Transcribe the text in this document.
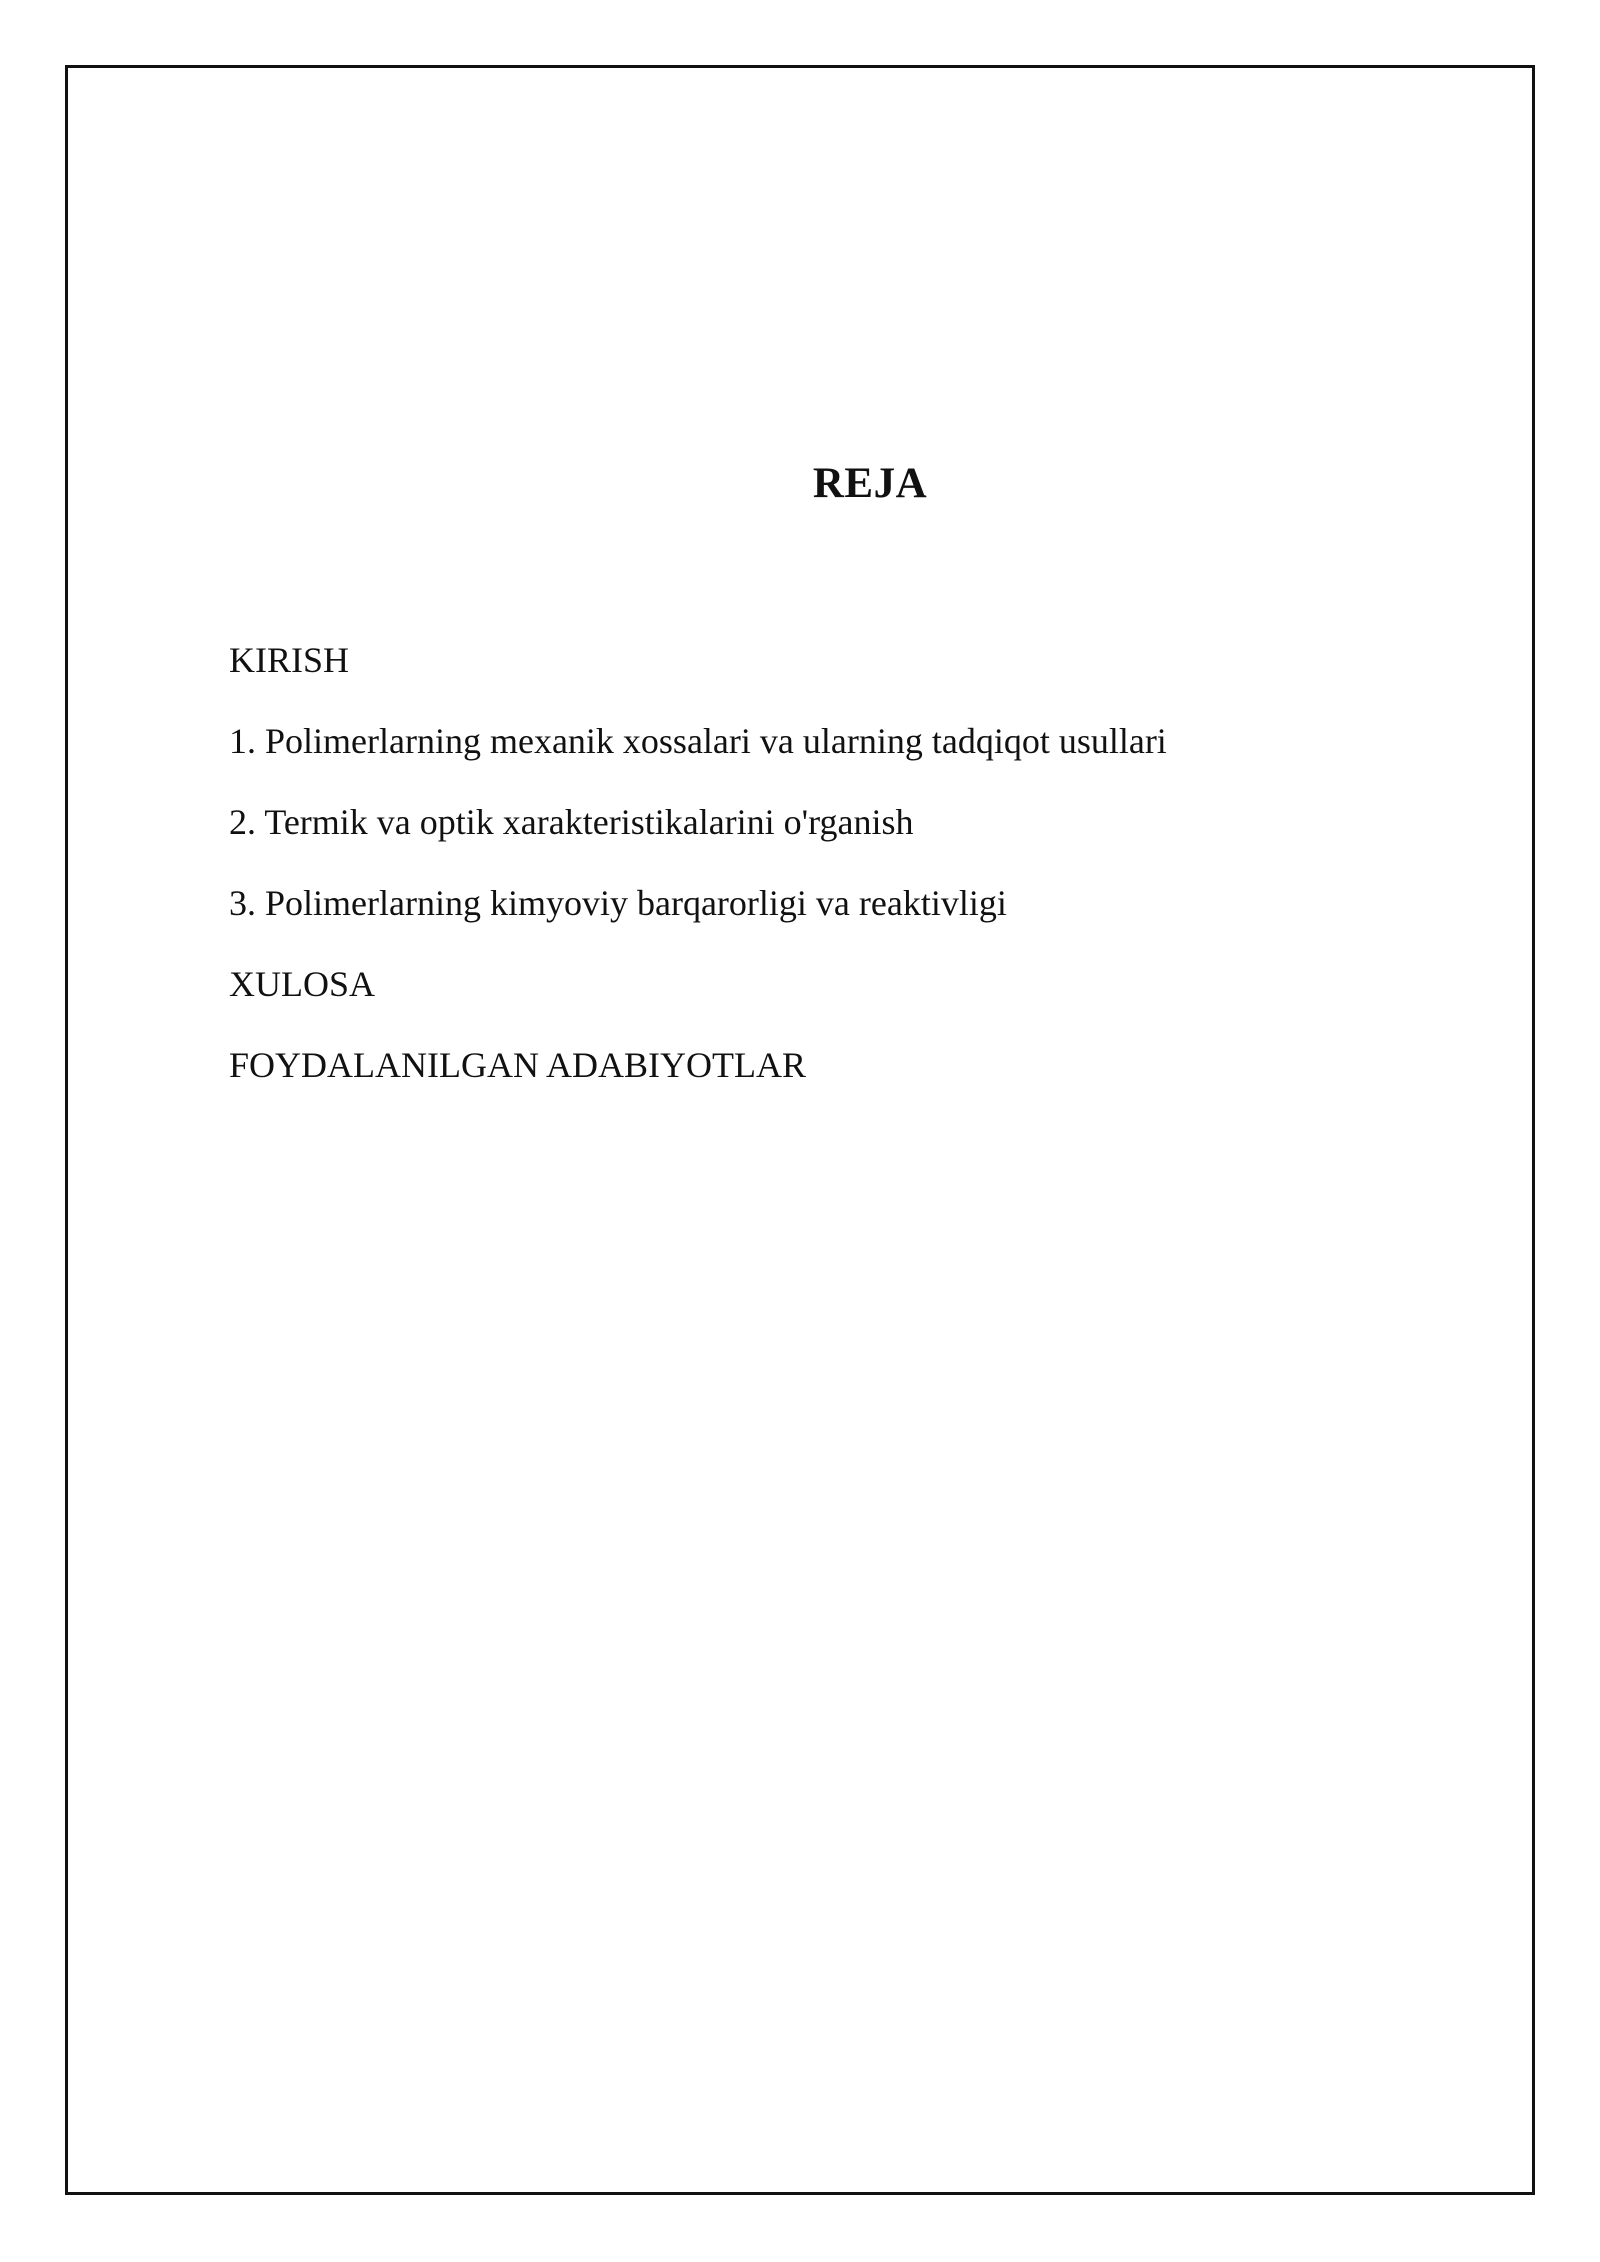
REJA
KIRISH
1. Polimerlarning mexanik xossalari va ularning tadqiqot usullari
2. Termik va optik xarakteristikalarini o'rganish
3. Polimerlarning kimyoviy barqarorligi va reaktivligi
XULOSA
FOYDALANILGAN ADABIYOTLAR
